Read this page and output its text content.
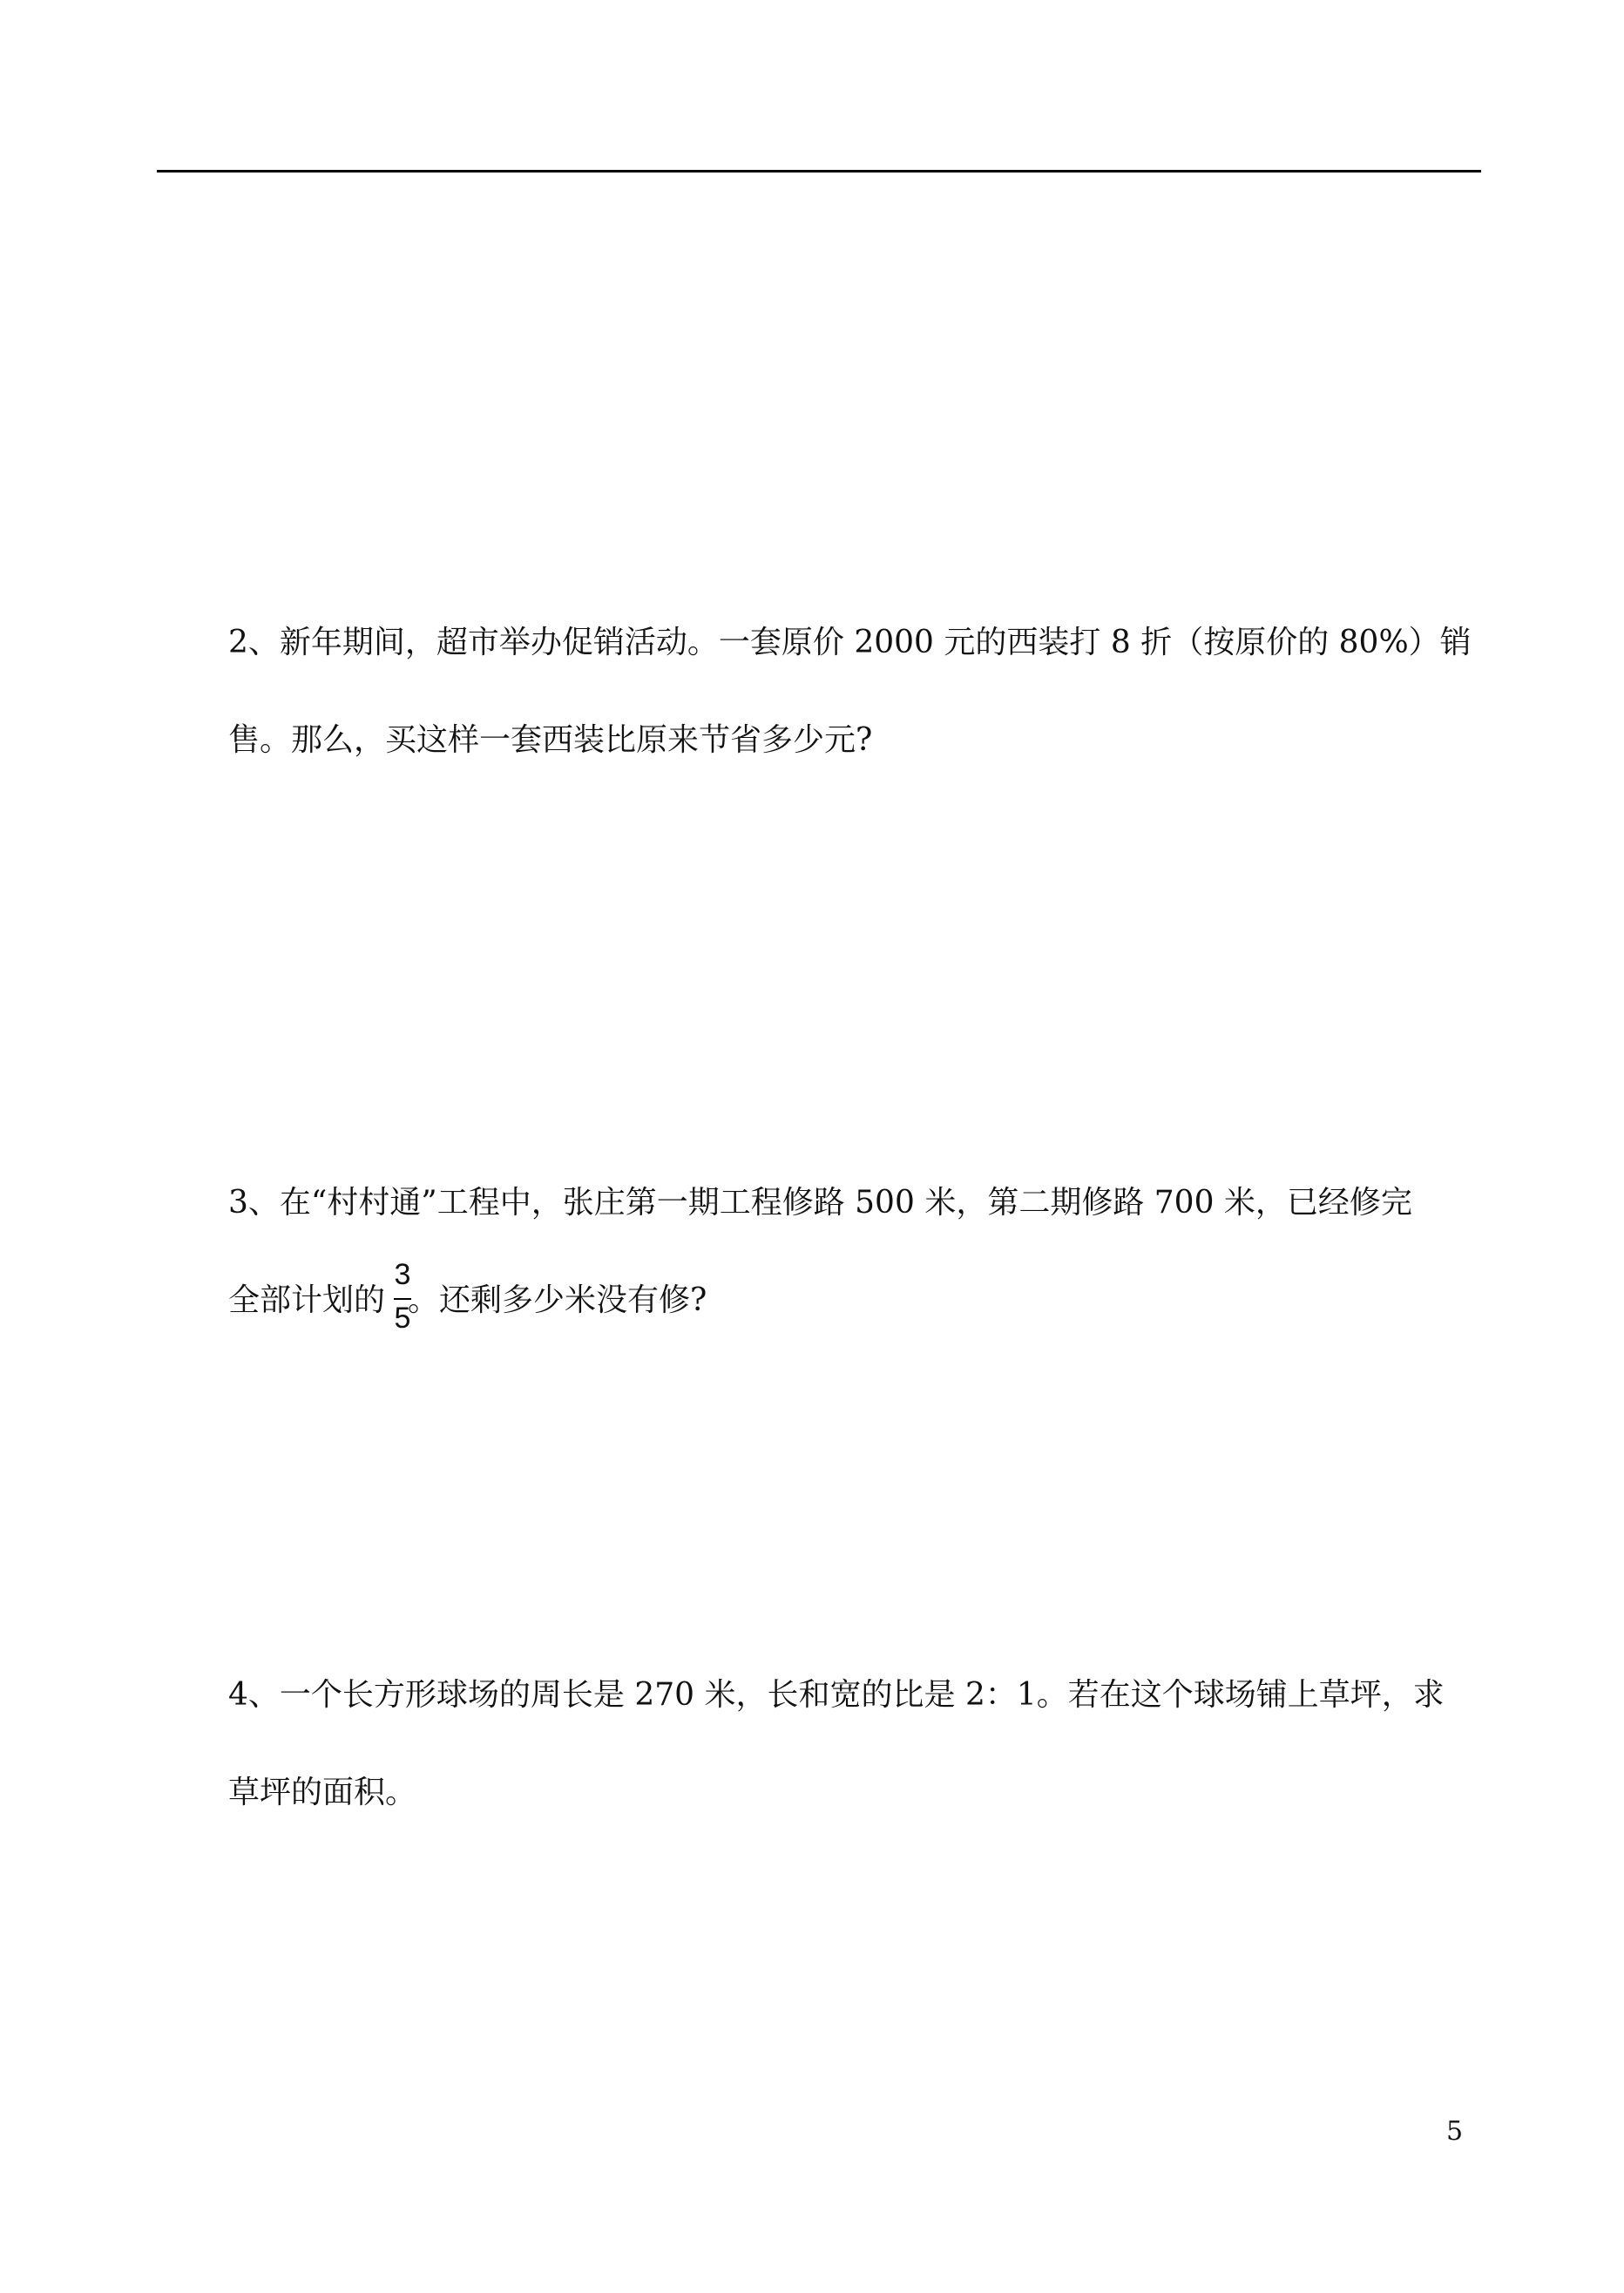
2、新年期间，超市举办促销活动。一套原价 2000 元的西装打 8 折（按原价的 80%）销
售。那么，买这样一套西装比原来节省多少元?
3、在“村村通”工程中，张庄第一期工程修路 500 米，第二期修路 700 米，已经修完
全部计划的 。还剩多少米没有修?
3
5
4、一个长方形球场的周长是 270 米，长和宽的比是 2：1。若在这个球场铺上草坪，求
草坪的面积。
5
